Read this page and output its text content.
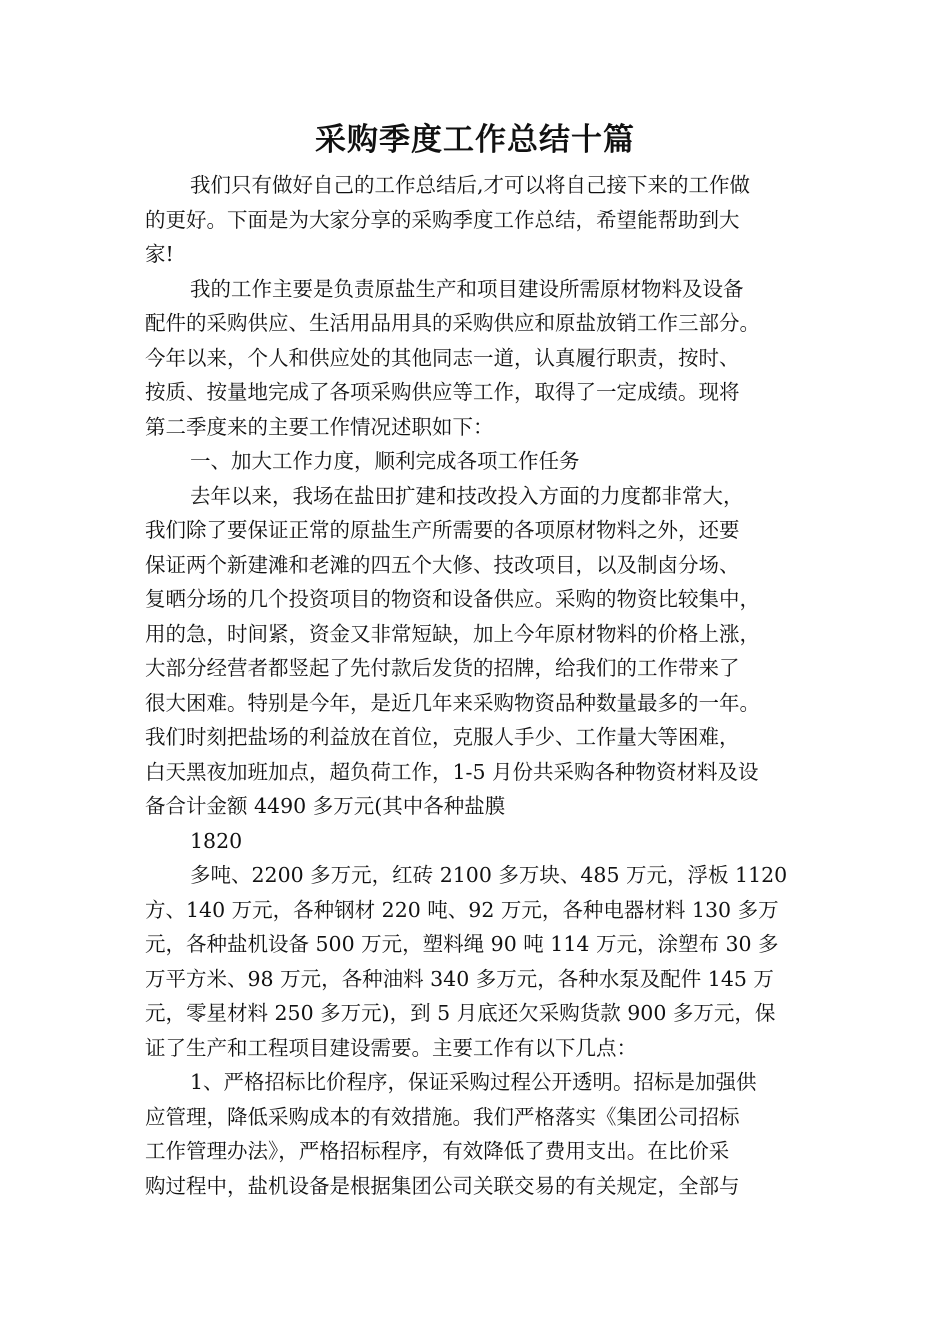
采购季度工作总结十篇

我们只有做好自己的工作总结后,才可以将自己接下来的工作做
的更好。下面是为大家分享的采购季度工作总结，希望能帮助到大
家!

我的工作主要是负责原盐生产和项目建设所需原材物料及设备
配件的采购供应、生活用品用具的采购供应和原盐放销工作三部分。
今年以来，个人和供应处的其他同志一道，认真履行职责，按时、
按质、按量地完成了各项采购供应等工作，取得了一定成绩。现将
第二季度来的主要工作情况述职如下：

一、加大工作力度，顺利完成各项工作任务

去年以来，我场在盐田扩建和技改投入方面的力度都非常大，
我们除了要保证正常的原盐生产所需要的各项原材物料之外，还要
保证两个新建滩和老滩的四五个大修、技改项目，以及制卤分场、
复晒分场的几个投资项目的物资和设备供应。采购的物资比较集中，
用的急，时间紧，资金又非常短缺，加上今年原材物料的价格上涨，
大部分经营者都竖起了先付款后发货的招牌，给我们的工作带来了
很大困难。特别是今年，是近几年来采购物资品种数量最多的一年。
我们时刻把盐场的利益放在首位，克服人手少、工作量大等困难，
白天黑夜加班加点，超负荷工作，1-5 月份共采购各种物资材料及设
备合计金额 4490 多万元(其中各种盐膜

1820

多吨、2200 多万元，红砖 2100 多万块、485 万元，浮板 1120
方、140 万元，各种钢材 220 吨、92 万元，各种电器材料 130 多万
元，各种盐机设备 500 万元，塑料绳 90 吨 114 万元，涂塑布 30 多
万平方米、98 万元，各种油料 340 多万元，各种水泵及配件 145 万
元，零星材料 250 多万元)，到 5 月底还欠采购货款 900 多万元，保
证了生产和工程项目建设需要。主要工作有以下几点：

1、严格招标比价程序，保证采购过程公开透明。招标是加强供
应管理，降低采购成本的有效措施。我们严格落实《集团公司招标
工作管理办法》，严格招标程序，有效降低了费用支出。在比价采
购过程中，盐机设备是根据集团公司关联交易的有关规定，全部与
